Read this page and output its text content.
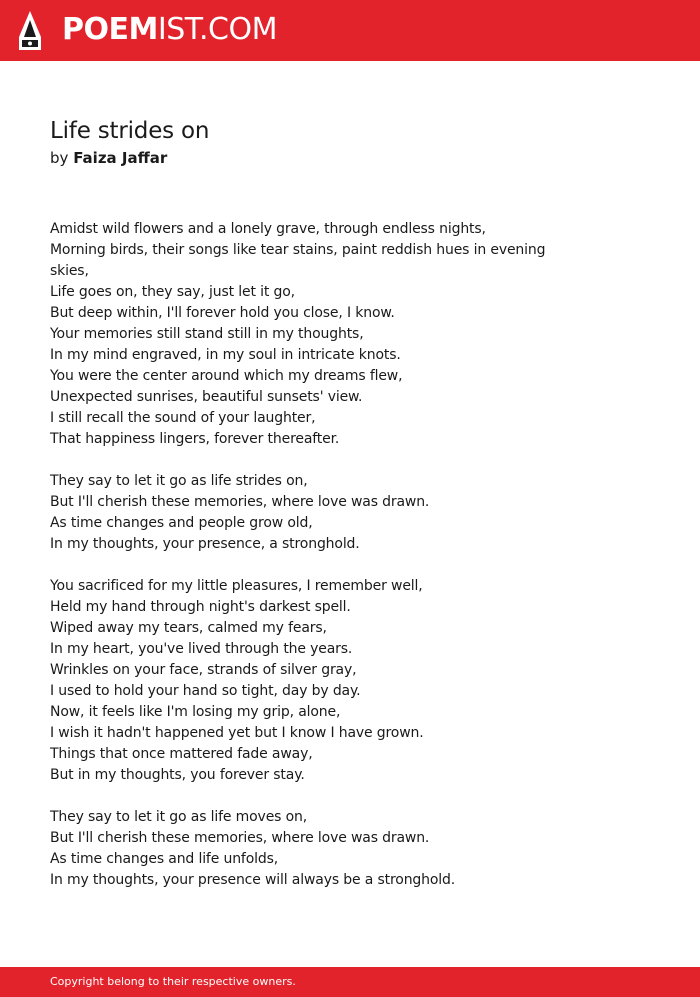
POEMIST.COM
Life strides on
by Faiza Jaffar
Amidst wild flowers and a lonely grave, through endless nights,
Morning birds, their songs like tear stains, paint reddish hues in evening
skies,
Life goes on, they say, just let it go,
But deep within, I'll forever hold you close, I know.
Your memories still stand still in my thoughts,
In my mind engraved, in my soul in intricate knots.
You were the center around which my dreams flew,
Unexpected sunrises, beautiful sunsets' view.
I still recall the sound of your laughter,
That happiness lingers, forever thereafter.
They say to let it go as life strides on,
But I'll cherish these memories, where love was drawn.
As time changes and people grow old,
In my thoughts, your presence, a stronghold.
You sacrificed for my little pleasures, I remember well,
Held my hand through night's darkest spell.
Wiped away my tears, calmed my fears,
In my heart, you've lived through the years.
Wrinkles on your face, strands of silver gray,
I used to hold your hand so tight, day by day.
Now, it feels like I'm losing my grip, alone,
I wish it hadn't happened yet but I know I have grown.
Things that once mattered fade away,
But in my thoughts, you forever stay.
They say to let it go as life moves on,
But I'll cherish these memories, where love was drawn.
As time changes and life unfolds,
In my thoughts, your presence will always be a stronghold.
Copyright belong to their respective owners.
